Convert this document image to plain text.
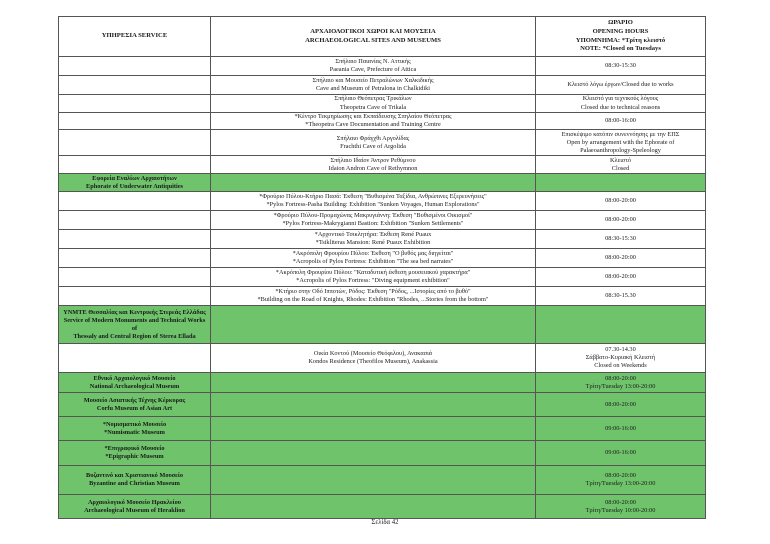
ΥΠΗΡΕΣΙΑ SERVICE	ΑΡΧΑΙΟΛΟΓΙΚΟΙ ΧΩΡΟΙ ΚΑΙ ΜΟΥΣΕΙΑ
ARCHAEOLOGICAL SITES AND MUSEUMS	ΩΡΑΡΙΟ
OPENING HOURS
ΥΠΟΜΝΗΜΑ: *Τρίτη κλειστό
NOTE: *Closed on Tuesdays

	Σπήλαιο Παιανίας Ν. Αττικής
Paeania Cave, Prefecture of Attica	08:30-15:30

	Σπήλαιο και Μουσείο Πετραλώνων Χαλκιδικής
Cave and Museum of Petralona in Chalkidiki	Κλειστό λόγω έργων/Closed due to works

	Σπήλαιο Θεόπετρας Τρικάλων
Theopetra Cave of Trikala	Κλειστό για τεχνικούς λόγους
Closed due to technical reasons

	*Κέντρο Τεκμηρίωσης και Εκπαίδευσης Σπηλαίου Θεόπετρας
*Theopetra Cave Documentation and Training Centre	08:00-16:00

	Σπήλαιο Φράγχθι Αργολίδας
Frachthi Cave of Argolida	Επισκέψιμο κατόπιν συνεννόησης με την ΕΠΣ
Open by arrangement with the Ephorate of
Palaeoanthropology-Speleology

	Σπήλαιο Ιδαίον Άντρον Ρεθύμνου
Idaion Andron Cave of Rethymnon	Κλειστό
Closed

Εφορεία Εναλίων Αρχαιοτήτων
Ephorate of Underwater Antiquities		

	*Φρούριο Πύλου-Κτήριο Πασά: Έκθεση "Βυθισμένα Ταξίδια, Ανθρώπινες Εξερευνήσεις"
*Pylos Fortress-Pasha Building: Exhibition "Sunken Voyages, Human Explorations"	08:00-20:00

	*Φρούριο Πύλου-Προμαχώνας Μακρυγιάννη: Έκθεση "Βυθισμένοι Οικισμοί"
*Pylos Fortress-Makrygianni Bastion: Exhibition "Sunken Settlements"	08:00-20:00

	*Αρχοντικό Τσικλητήρα: Έκθεση René Puaux
*Tsikliteras Mansion: René Puaux Exhibition	08:30-15:30

	*Ακρόπολη Φρουρίου Πύλου: Έκθεση "Ο βυθός μας διηγείται"
*Acropolis of Pylos Fortress: Exhibition "The sea bed narrates"	08:00-20:00

	*Ακρόπολη Φρουρίου Πύλου: "Καταδυτική έκθεση μουσειακού χαρακτήρα"
*Acropolis of Pylos Fortress: "Diving equipment exhibition"	08:00-20:00

	*Κτήριο στην Οδό Ιπποτών, Ρόδος: Έκθεση "Ρόδος, ...Ιστορίες από το βυθό"
*Building on the Road of Knights, Rhodes: Exhibition "Rhodes, ...Stories from the bottom"	08:30-15.30

ΥΝΜΤΕ Θεσσαλίας και Κεντρικής Στερεάς Ελλάδας
Service of Modern Monuments and Technical Works of
Thessaly and Central Region of Sterea Ellada		

	Οικία Κοντού (Μουσείο Θεόφιλου), Ανακασιά
Kondos Residence (Theofilos Museum), Anakassia	07.30-14.30
Σάββατο-Κυριακή Κλειστή
Closed on Weekends

Εθνικό Αρχαιολογικό Μουσείο
National Archaeological Museum		08:00-20:00
Τρίτη/Tuesday 13:00-20:00

Μουσείο Ασιατικής Τέχνης Κέρκυρας
Corfu Museum of Asian Art		08:00-20:00

*Νομισματικό Μουσείο
*Numismatic Museum		09:00-16:00

*Επιγραφικό Μουσείο
*Epigraphic Museum		09:00-16:00

Βυζαντινό και Χριστιανικό Μουσείο
Byzantine and Christian Museum		08:00-20:00
Τρίτη/Tuesday 13:00-20:00

Αρχαιολογικό Μουσείο Ηρακλείου
Archaeological Museum of Heraklion		08:00-20:00
Τρίτη/Tuesday 10:00-20:00
Σελίδα 42
